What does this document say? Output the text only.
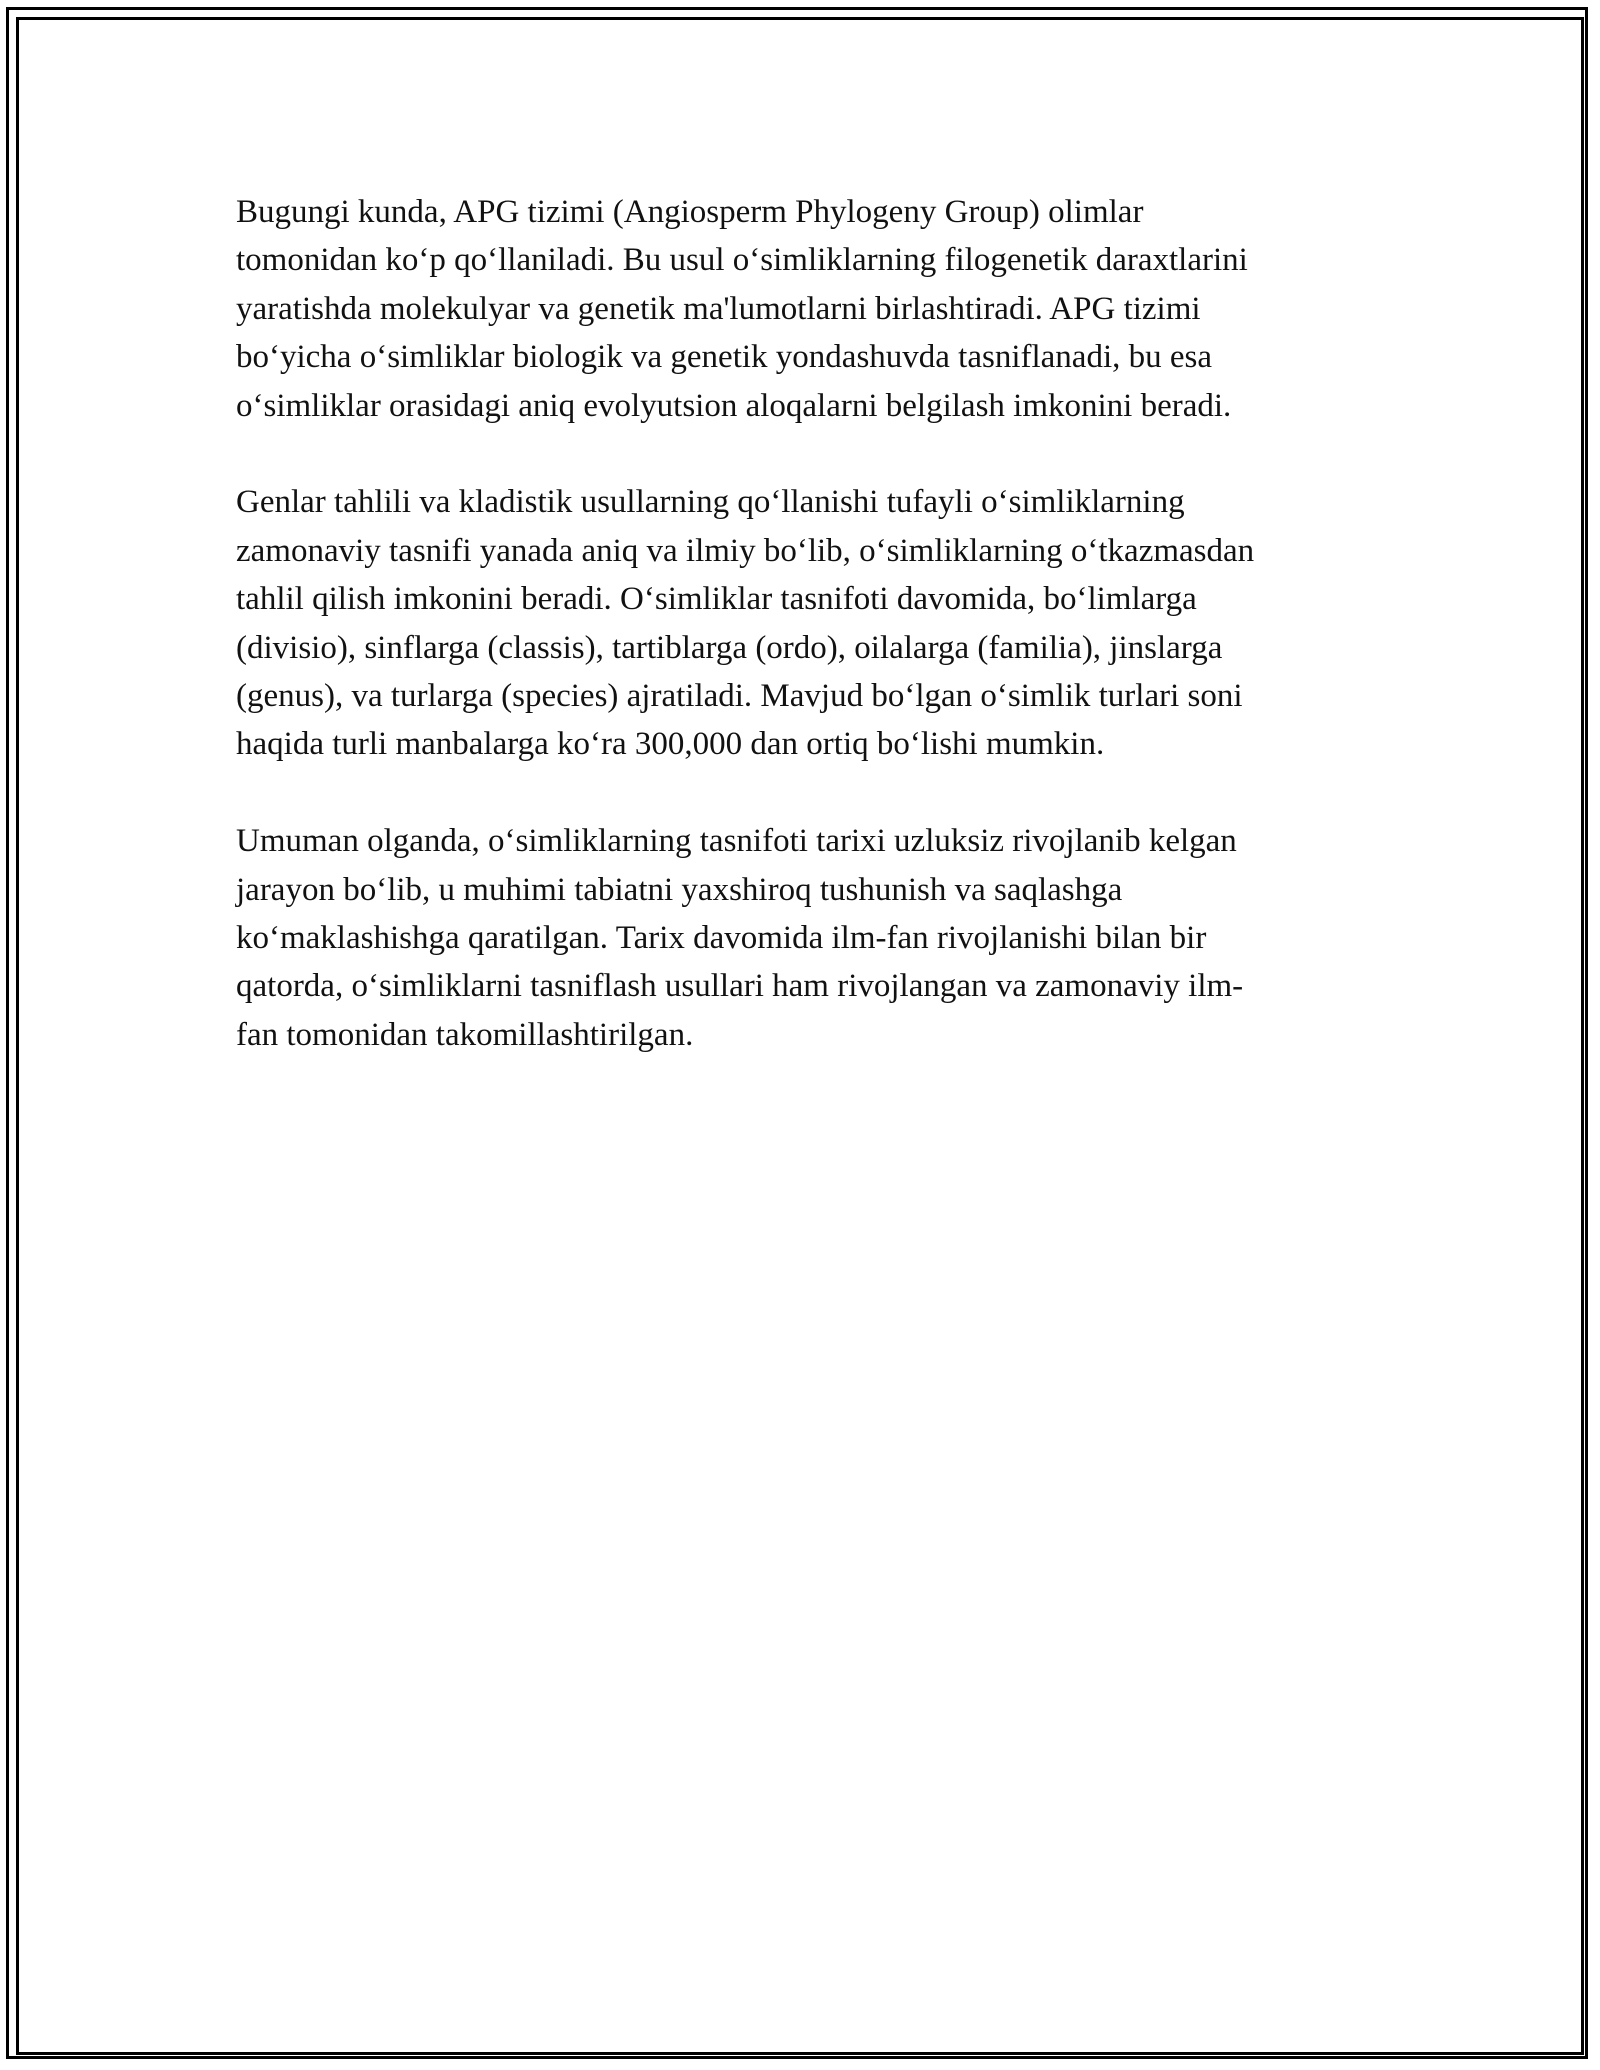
Bugungi kunda, APG tizimi (Angiosperm Phylogeny Group) olimlar
tomonidan koʻp qoʻllaniladi. Bu usul oʻsimliklarning filogenetik daraxtlarini
yaratishda molekulyar va genetik ma'lumotlarni birlashtiradi. APG tizimi
boʻyicha oʻsimliklar biologik va genetik yondashuvda tasniflanadi, bu esa
oʻsimliklar orasidagi aniq evolyutsion aloqalarni belgilash imkonini beradi.

Genlar tahlili va kladistik usullarning qoʻllanishi tufayli oʻsimliklarning
zamonaviy tasnifi yanada aniq va ilmiy boʻlib, oʻsimliklarning oʻtkazmasdan
tahlil qilish imkonini beradi. Oʻsimliklar tasnifoti davomida, boʻlimlarga
(divisio), sinflarga (classis), tartiblarga (ordo), oilalarga (familia), jinslarga
(genus), va turlarga (species) ajratiladi. Mavjud boʻlgan oʻsimlik turlari soni
haqida turli manbalarga koʻra 300,000 dan ortiq boʻlishi mumkin.

Umuman olganda, oʻsimliklarning tasnifoti tarixi uzluksiz rivojlanib kelgan
jarayon boʻlib, u muhimi tabiatni yaxshiroq tushunish va saqlashga
koʻmaklashishga qaratilgan. Tarix davomida ilm-fan rivojlanishi bilan bir
qatorda, oʻsimliklarni tasniflash usullari ham rivojlangan va zamonaviy ilm-
fan tomonidan takomillashtirilgan.
